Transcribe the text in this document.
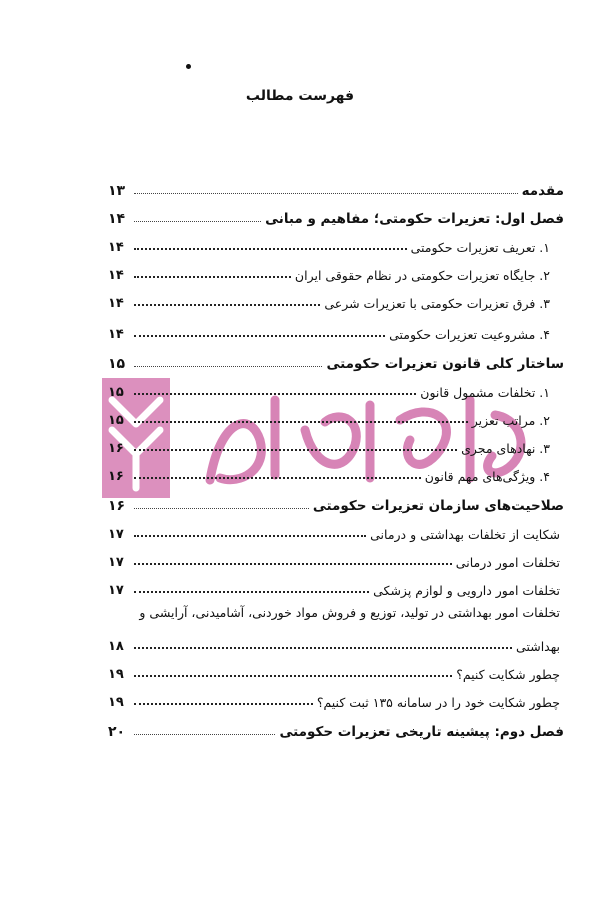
فهرست مطالب
مقدمه
۱۳
فصل اول: تعزیرات حکومتی؛ مفاهیم و مبانی
۱۴
۱. تعریف تعزیرات حکومتی
۱۴
۲. جایگاه تعزیرات حکومتی در نظام حقوقی ایران
۱۴
۳. فرق تعزیرات حکومتی با تعزیرات شرعی
۱۴
۴. مشروعیت تعزیرات حکومتی
۱۴
ساختار کلی قانون تعزیرات حکومتی
۱۵
۱. تخلفات مشمول قانون
۱۵
۲. مراتب تعزیر
۱۵
۳. نهادهای مجری
۱۶
۴. ویژگی‌های مهم قانون
۱۶
صلاحیت‌های سازمان تعزیرات حکومتی
۱۶
شکایت از تخلفات بهداشتی و درمانی
۱۷
تخلفات امور درمانی
۱۷
تخلفات امور دارویی و لوازم پزشکی
۱۷
تخلفات امور بهداشتی در تولید، توزیع و فروش مواد خوردنی، آشامیدنی، آرایشی و
بهداشتی
۱۸
چطور شکایت کنیم؟
۱۹
چطور شکایت خود را در سامانه ۱۳۵ ثبت کنیم؟
۱۹
فصل دوم: پیشینه تاریخی تعزیرات حکومتی
۲۰
